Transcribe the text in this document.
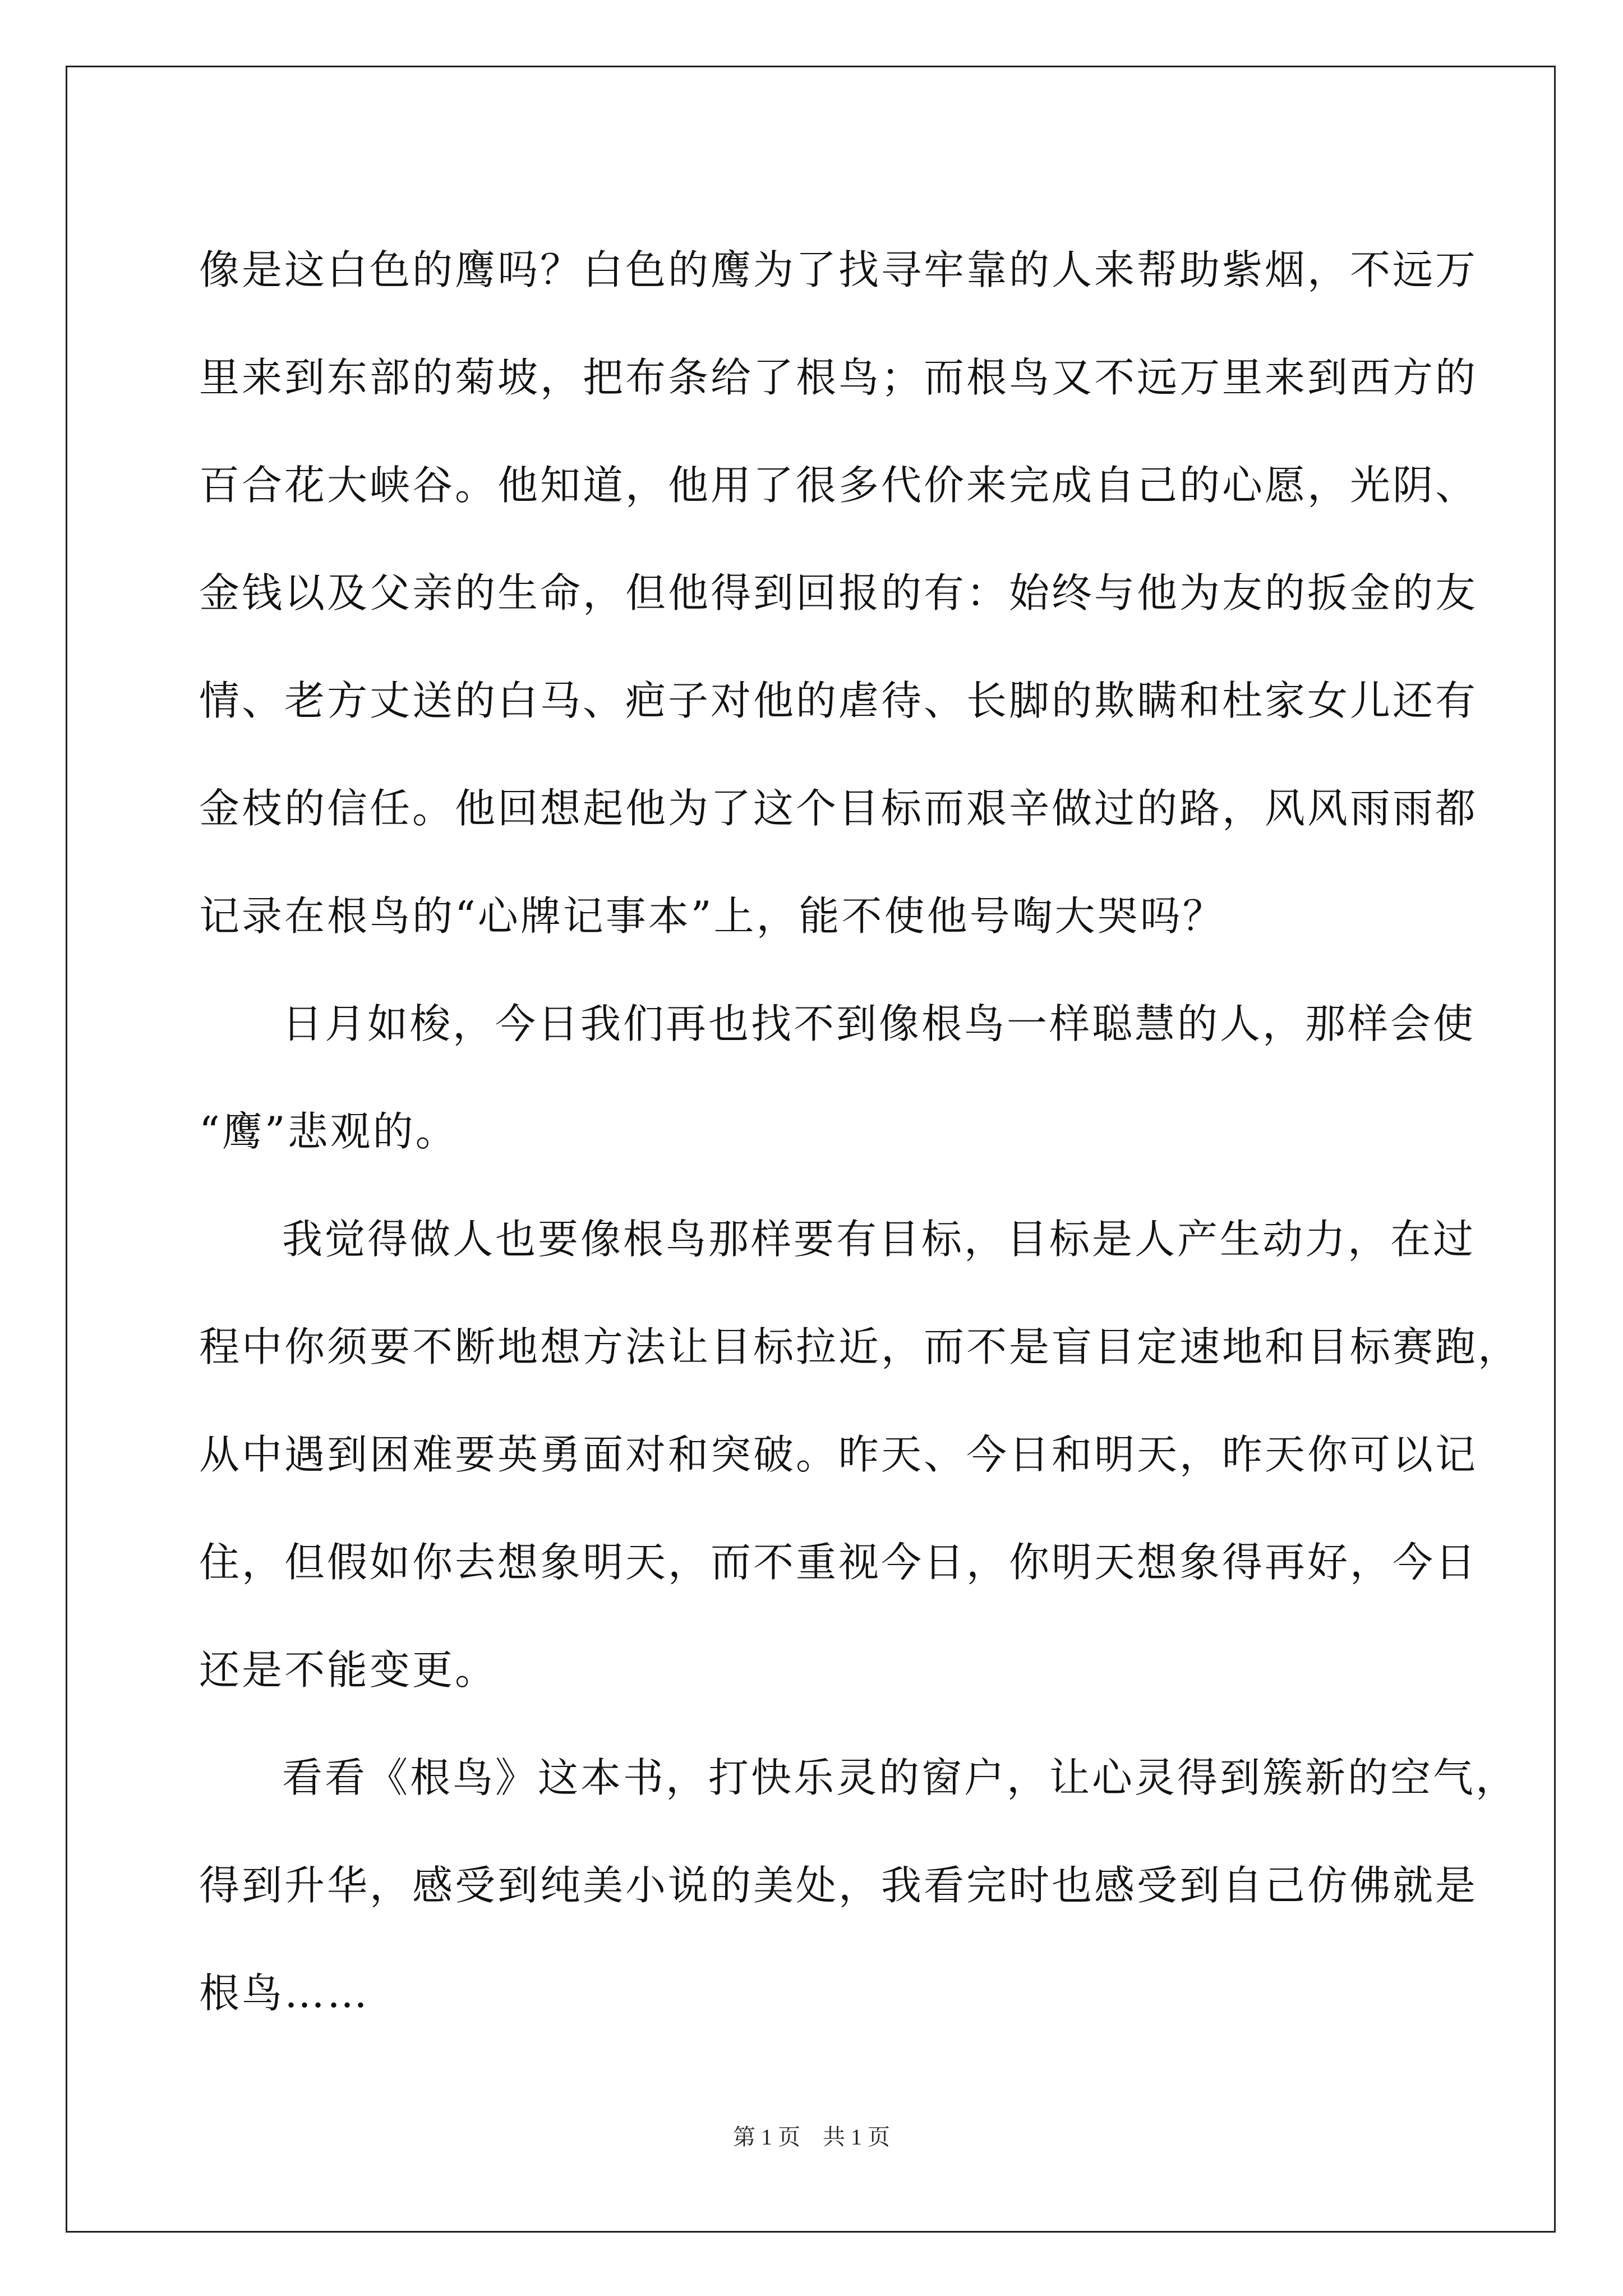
像是这白色的鹰吗？白色的鹰为了找寻牢靠的人来帮助紫烟，不远万
里来到东部的菊坡，把布条给了根鸟；而根鸟又不远万里来到西方的
百合花大峡谷。他知道，他用了很多代价来完成自己的心愿，光阴、
金钱以及父亲的生命，但他得到回报的有：始终与他为友的扳金的友
情、老方丈送的白马、疤子对他的虐待、长脚的欺瞒和杜家女儿还有
金枝的信任。他回想起他为了这个目标而艰辛做过的路，风风雨雨都
记录在根鸟的“心牌记事本”上，能不使他号啕大哭吗？
日月如梭，今日我们再也找不到像根鸟一样聪慧的人，那样会使
“鹰”悲观的。
我觉得做人也要像根鸟那样要有目标，目标是人产生动力，在过
程中你须要不断地想方法让目标拉近，而不是盲目定速地和目标赛跑，
从中遇到困难要英勇面对和突破。昨天、今日和明天，昨天你可以记
住，但假如你去想象明天，而不重视今日，你明天想象得再好，今日
还是不能变更。
看看《根鸟》这本书，打快乐灵的窗户，让心灵得到簇新的空气，
得到升华，感受到纯美小说的美处，我看完时也感受到自己仿佛就是
根鸟……
第 1 页　共 1 页
